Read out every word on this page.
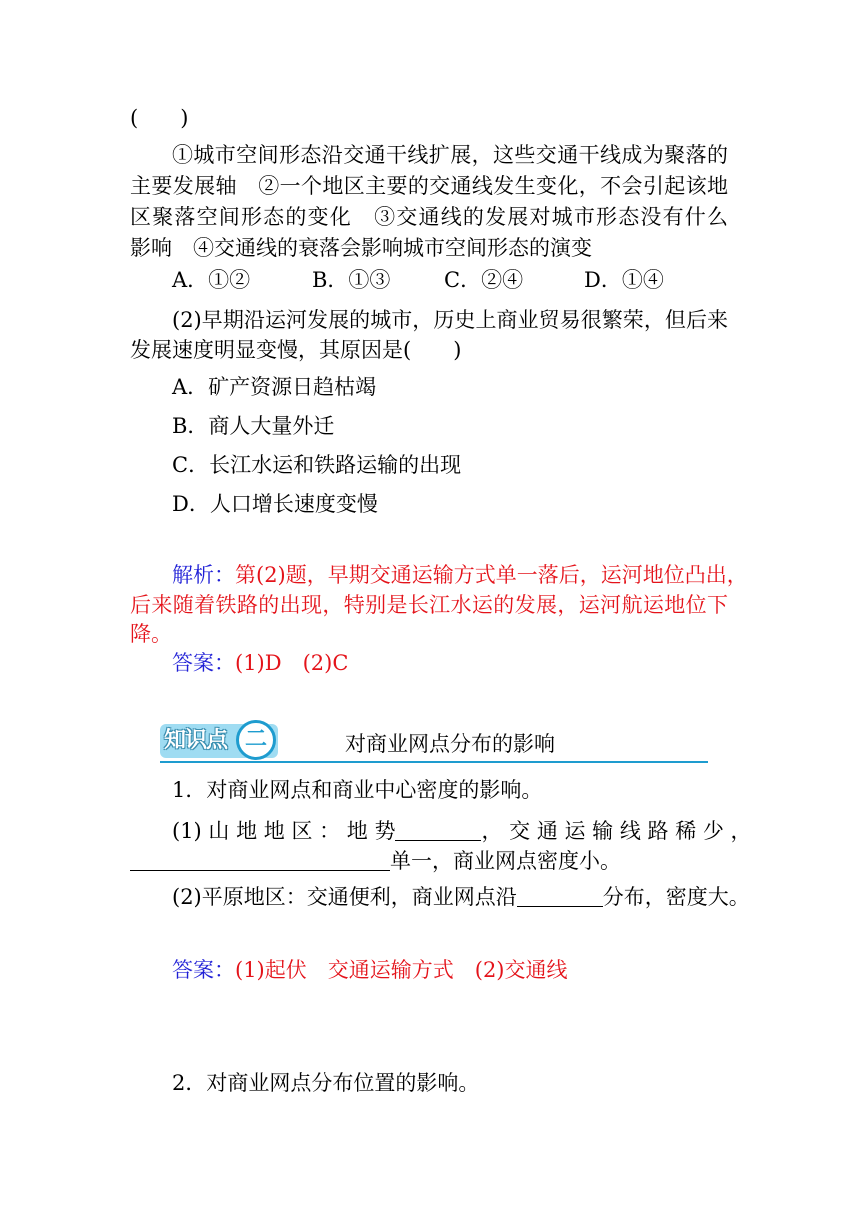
(　　)
①城市空间形态沿交通干线扩展，这些交通干线成为聚落的
主要发展轴　②一个地区主要的交通线发生变化，不会引起该地
区聚落空间形态的变化　③交通线的发展对城市形态没有什么
影响　④交通线的衰落会影响城市空间形态的演变
A．①②	B．①③	C．②④	D．①④
(2)早期沿运河发展的城市，历史上商业贸易很繁荣，但后来
发展速度明显变慢，其原因是(　　)
A．矿产资源日趋枯竭
B．商人大量外迁
C．长江水运和铁路运输的出现
D．人口增长速度变慢
解析：第(2)题，早期交通运输方式单一落后，运河地位凸出，
后来随着铁路的出现，特别是长江水运的发展，运河航运地位下
降。
答案：(1)D　(2)C
知识点 二	对商业网点分布的影响
1．对商业网点和商业中心密度的影响。
(1) 山 地 地 区 ： 地 势	， 交 通 运 输 线 路 稀 少 ，
单一，商业网点密度小。
(2)平原地区：交通便利，商业网点沿	分布，密度大。
答案：(1)起伏　交通运输方式　(2)交通线
2．对商业网点分布位置的影响。
